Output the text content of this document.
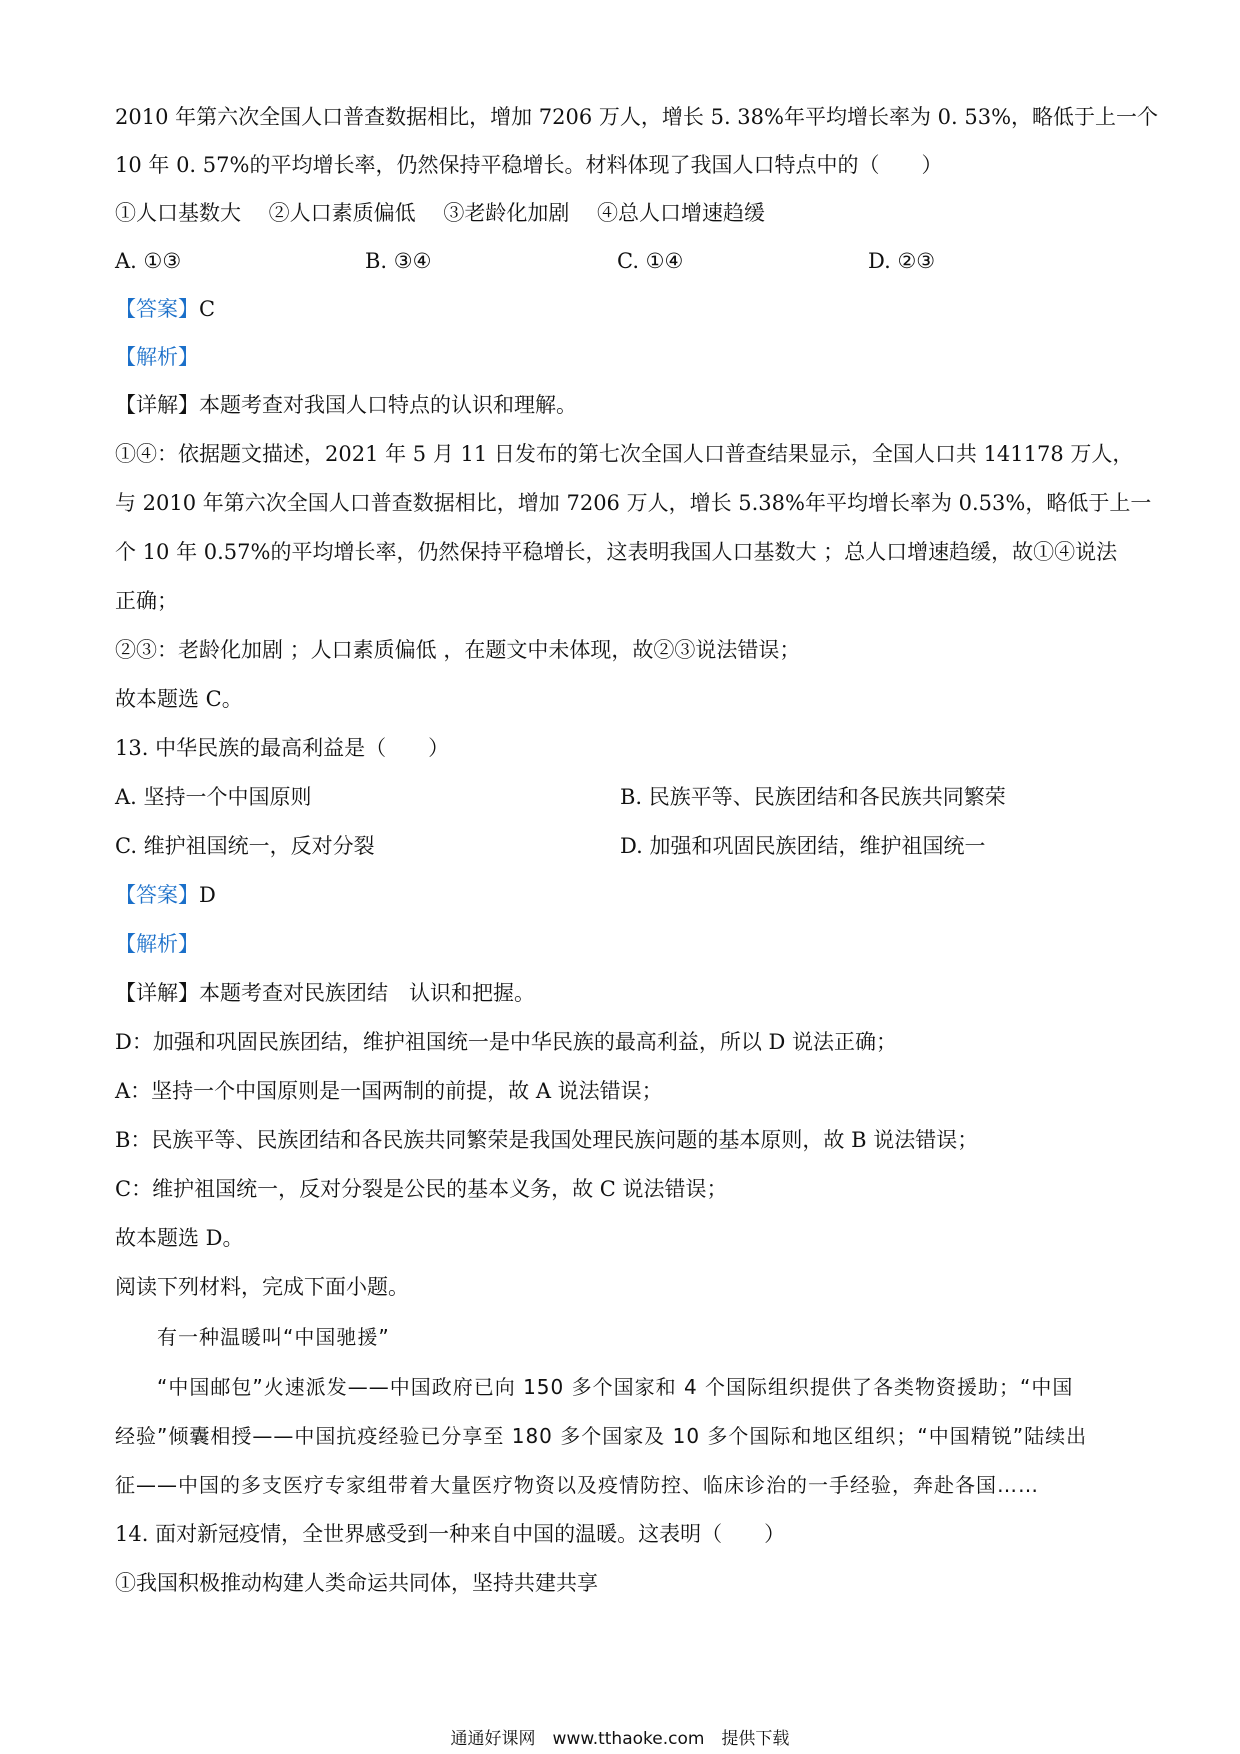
2010 年第六次全国人口普查数据相比，增加 7206 万人，增长 5. 38%年平均增长率为 0. 53%，略低于上一个
10 年 0. 57%的平均增长率，仍然保持平稳增长。材料体现了我国人口特点中的（　　）
①人口基数大　 ②人口素质偏低　 ③老龄化加剧　 ④总人口增速趋缓
A. ①③	B. ③④	C. ①④	D. ②③
【答案】C
【解析】
【详解】本题考查对我国人口特点的认识和理解。
①④：依据题文描述，2021 年 5 月 11 日发布的第七次全国人口普查结果显示，全国人口共 141178 万人，
与 2010 年第六次全国人口普查数据相比，增加 7206 万人，增长 5.38%年平均增长率为 0.53%，略低于上一
个 10 年 0.57%的平均增长率，仍然保持平稳增长，这表明我国人口基数大 ；总人口增速趋缓，故①④说法
正确；
②③：老龄化加剧 ；人口素质偏低 ，在题文中未体现，故②③说法错误；
故本题选 C。
13. 中华民族的最高利益是（　　）
A. 坚持一个中国原则	B. 民族平等、民族团结和各民族共同繁荣
C. 维护祖国统一，反对分裂	D. 加强和巩固民族团结，维护祖国统一
【答案】D
【解析】
【详解】本题考查对民族团结　认识和把握。
D：加强和巩固民族团结，维护祖国统一是中华民族的最高利益，所以 D 说法正确；
A：坚持一个中国原则是一国两制的前提，故 A 说法错误；
B：民族平等、民族团结和各民族共同繁荣是我国处理民族问题的基本原则，故 B 说法错误；
C：维护祖国统一，反对分裂是公民的基本义务，故 C 说法错误；
故本题选 D。
阅读下列材料，完成下面小题。
有一种温暖叫“中国驰援”
“中国邮包”火速派发——中国政府已向 150 多个国家和 4 个国际组织提供了各类物资援助；“中国
经验”倾囊相授——中国抗疫经验已分享至 180 多个国家及 10 多个国际和地区组织；“中国精锐”陆续出
征——中国的多支医疗专家组带着大量医疗物资以及疫情防控、临床诊治的一手经验，奔赴各国……
14. 面对新冠疫情，全世界感受到一种来自中国的温暖。这表明（　　）
①我国积极推动构建人类命运共同体，坚持共建共享
通通好课网　www.tthaoke.com　提供下载
